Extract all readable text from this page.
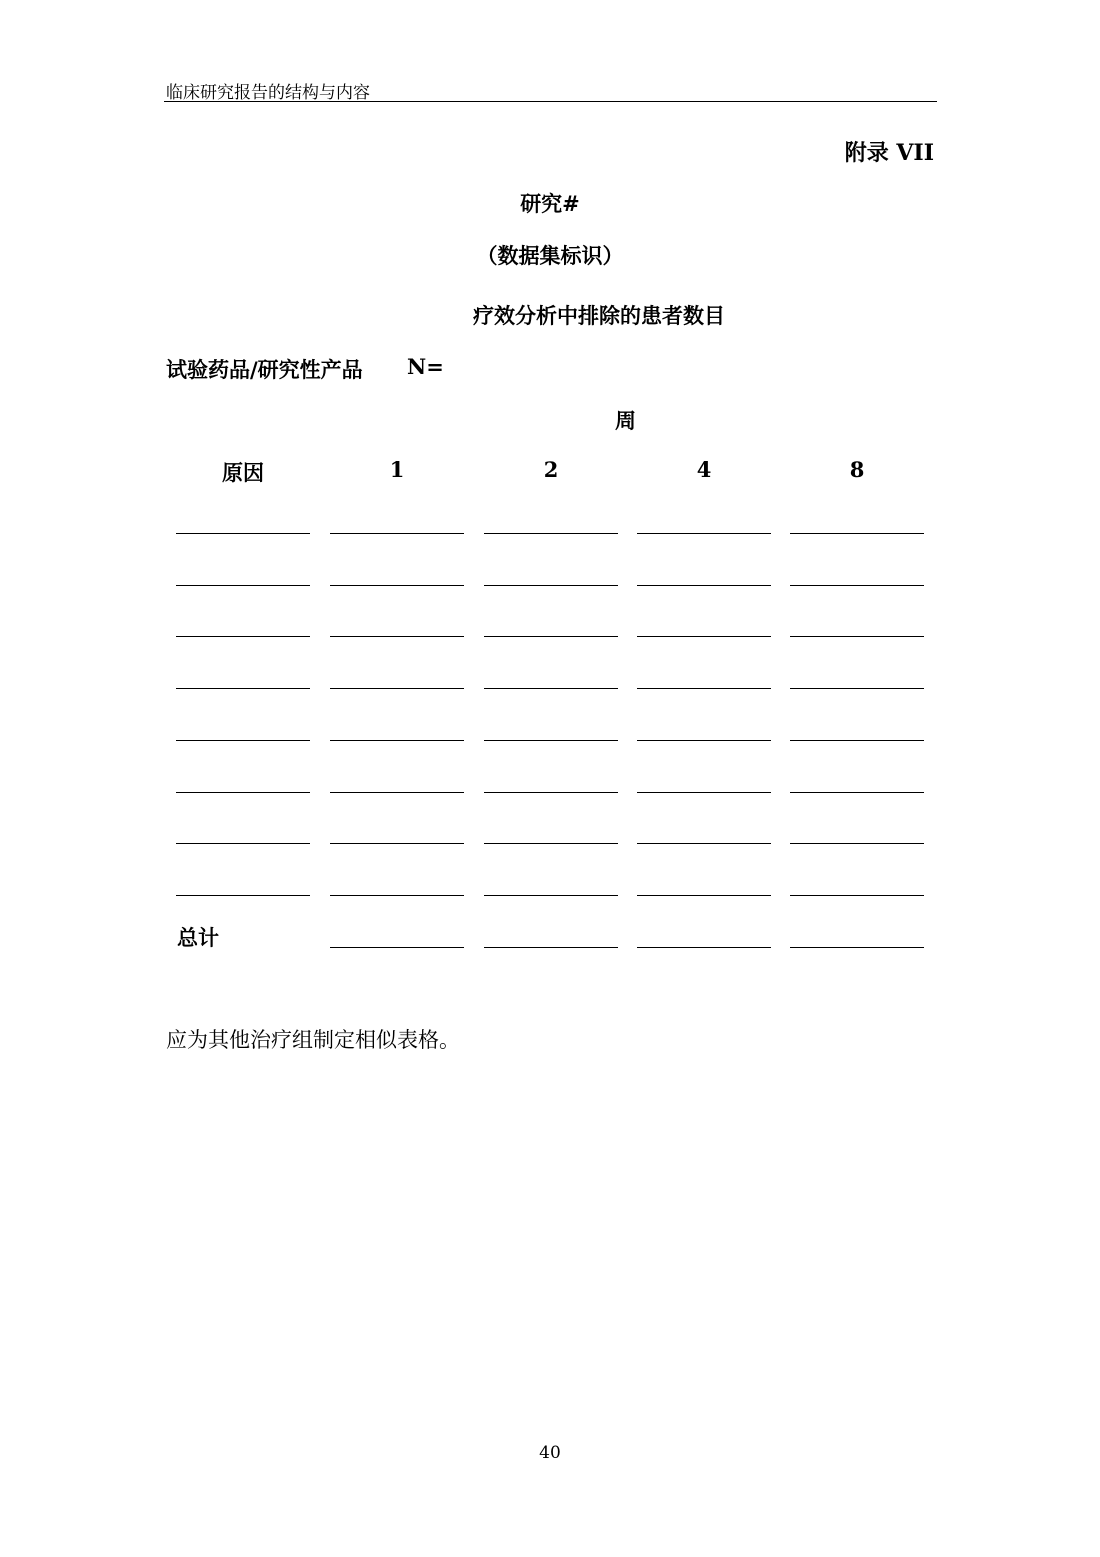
临床研究报告的结构与内容
附录 VII
研究#
（数据集标识）
疗效分析中排除的患者数目
试验药品/研究性产品 N=
周
原因	1	2	4	8
总计
应为其他治疗组制定相似表格。
40
